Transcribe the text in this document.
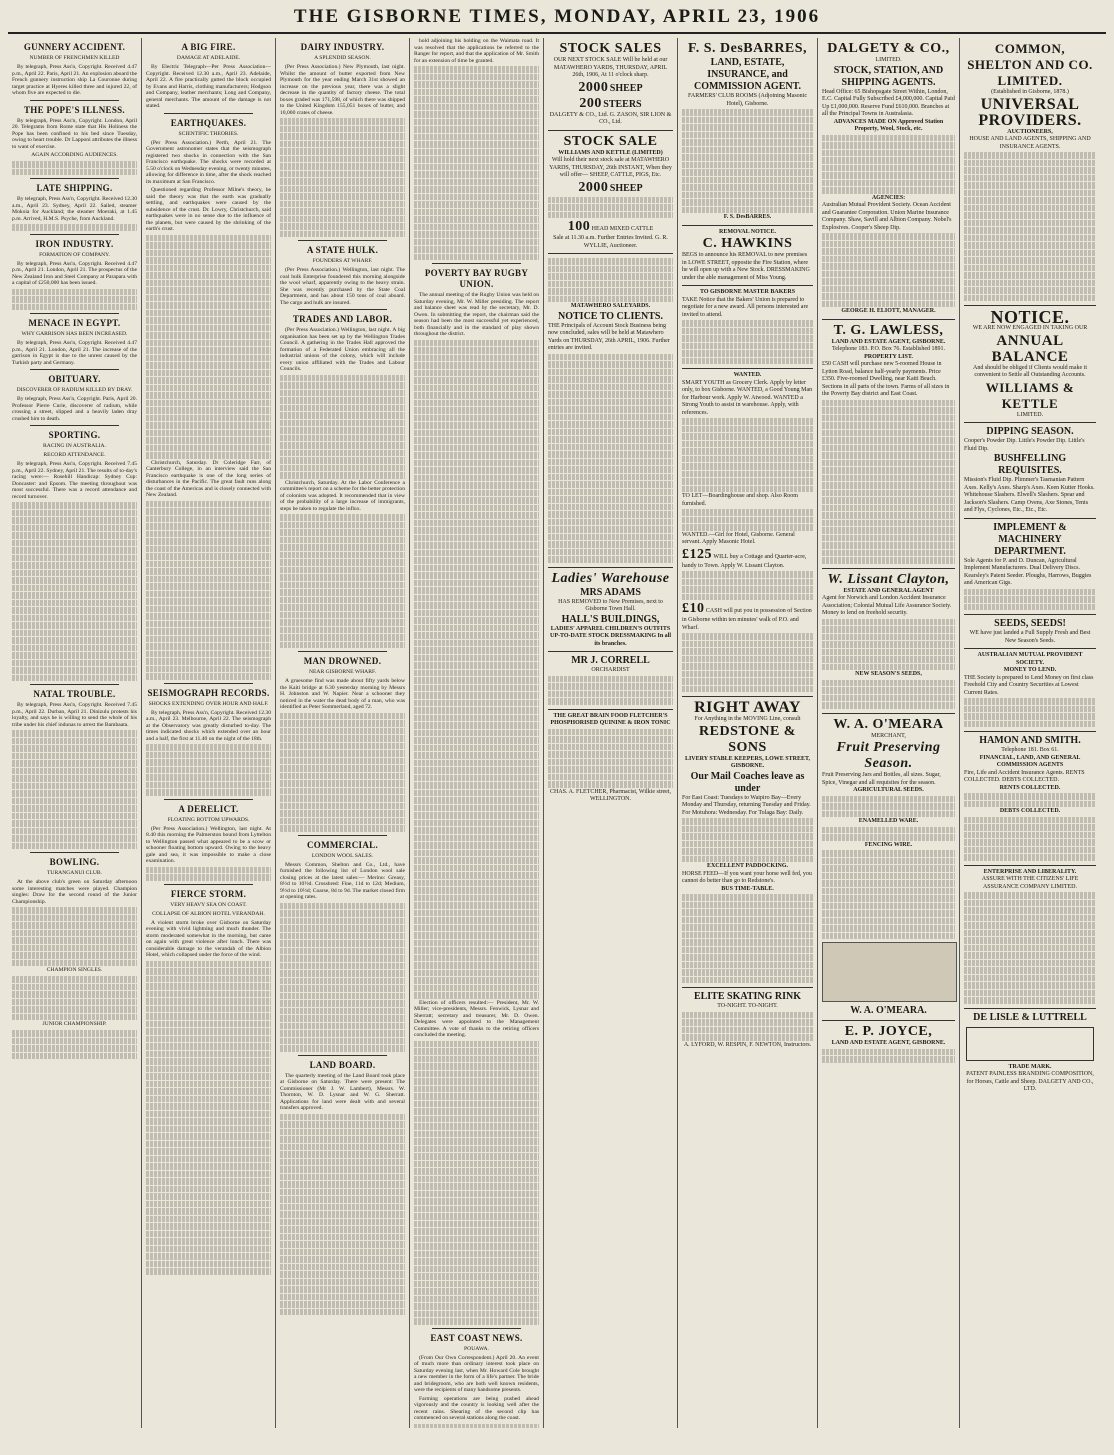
THE GISBORNE TIMES, MONDAY, APRIL 23, 1906
GUNNERY ACCIDENT.
NUMBER OF FRENCHMEN KILLED

By telegraph, Press Ass'n, Copyright. Received 4.47 p.m., April 22. Paris, April 21. An explosion aboard the French gunnery instruction ship La Couronne during target practice at Hyeres killed three and injured 22, of whom five are expected to die.

THE POPE'S ILLNESS.

By telegraph, Press Ass'n, Copyright. London, April 20. Telegrams from Rome state that His Holiness the Pope has been confined to his bed since Tuesday, owing to heart trouble. Dr Lapponi attributes the illness to want of exercise.

AGAIN ACCORDING AUDIENCES.
LATE SHIPPING.

By telegraph, Press Ass'n, Copyright. Received 12.30 a.m., April 23. Sydney, April 22. Sailed, steamer Mokoia for Auckland; the steamer Moeraki, at 1.45 p.m. Arrived, H.M.S. Psyche, from Auckland.

IRON INDUSTRY.
FORMATION OF COMPANY.

By telegraph, Press Ass'n, Copyright. Received 4.47 p.m., April 21. London, April 21. The prospectus of the New Zealand Iron and Steel Company at Parapara with a capital of £250,000 has been issued.

MENACE IN EGYPT.
WHY GARRISON HAS BEEN INCREASED.

By telegraph, Press Ass'n, Copyright. Received 4.47 p.m., April 21. London, April 21. The increase of the garrison in Egypt is due to the unrest caused by the Turkish party and Germany.

OBITUARY.
DISCOVERER OF RADIUM KILLED BY DRAY.

By telegraph, Press Ass'n, Copyright. Paris, April 20. Professor Pierre Curie, discoverer of radium, while crossing a street, slipped and a heavily laden dray crushed him to death.

SPORTING.
RACING IN AUSTRALIA.
RECORD ATTENDANCE.

By telegraph, Press Ass'n, Copyright. Received 7.45 p.m., April 22. Sydney, April 21. The results of to-day's racing were:— Rosehill Handicap: Sydney Cup: Doncaster: and Epsom. The meeting throughout was most successful. There was a record attendance and record turnover.

NATAL TROUBLE.

By telegraph, Press Ass'n, Copyright. Received 7.45 p.m., April 22. Durban, April 21. Dinizulu protests his loyalty, and says he is willing to send the whole of his tribe under his chief indunas to arrest the Bambaata.

BOWLING.
TURANGANUI CLUB.

At the above club's green on Saturday afternoon some interesting matches were played. Champion singles: Draw for the second round of the Junior Championship.

CHAMPION SINGLES.
JUNIOR CHAMPIONSHIP.
A BIG FIRE.
DAMAGE AT ADELAIDE.

By Electric Telegraph—Per Press Association—Copyright. Received 12.30 a.m., April 23. Adelaide, April 22. A fire practically gutted the block occupied by Evans and Harris, clothing manufacturers; Hodgson and Company, leather merchants; Long and Company, general merchants. The amount of the damage is not stated.

EARTHQUAKES.
SCIENTIFIC THEORIES.

(Per Press Association.) Perth, April 21. The Government astronomer states that the seismograph registered two shocks in connection with the San Francisco earthquake. The shocks were recorded at 5.50 o'clock on Wednesday evening, or twenty minutes, allowing for difference in time, after the shock reached its maximum at San Francisco.

Questioned regarding Professor Milne's theory, he said the theory was that the earth was gradually settling, and earthquakes were caused by the subsidence of the crust. Dr. Lowry, Christchurch, said earthquakes were in no sense due to the influence of the planets, but were caused by the shrinking of the earth's crust.

Christchurch, Saturday. Dr Coleridge Farr, of Canterbury College, in an interview said the San Francisco earthquake is one of the long series of disturbances in the Pacific. The great fault runs along the coast of the Americas and is closely connected with New Zealand.

SEISMOGRAPH RECORDS.
SHOCKS EXTENDING OVER HOUR AND HALF.

By telegraph, Press Ass'n, Copyright. Received 12.30 a.m., April 23. Melbourne, April 22. The seismograph at the Observatory was greatly disturbed to-day. The times indicated shocks which extended over an hour and a half, the first at 11.40 on the night of the 18th.

A DERELICT.
FLOATING BOTTOM UPWARDS.

(Per Press Association.) Wellington, last night. At 8.40 this morning the Palmerston bound from Lyttelton to Wellington passed what appeared to be a scow or schooner floating bottom upward. Owing to the heavy gale and sea, it was impossible to make a close examination.

FIERCE STORM.
VERY HEAVY SEA ON COAST.
COLLAPSE OF ALBION HOTEL VERANDAH.

A violent storm broke over Gisborne on Saturday evening with vivid lightning and much thunder. The storm moderated somewhat in the morning, but came on again with great violence after lunch. There was considerable damage to the verandah of the Albion Hotel, which collapsed under the force of the wind.

DAIRY INDUSTRY.
A SPLENDID SEASON.

(Per Press Association.) New Plymouth, last night. Whilst the amount of butter exported from New Plymouth for the year ending March 31st showed an increase on the previous year, there was a slight decrease in the quantity of factory cheese. The total boxes graded was 171,598, of which there was shipped to the United Kingdom 155,051 boxes of butter, and 10,000 crates of cheese.

A STATE HULK.
FOUNDERS AT WHARF.

(Per Press Association.) Wellington, last night. The coal hulk Enterprise foundered this morning alongside the wool wharf, apparently owing to the heavy strain. She was recently purchased by the State Coal Department, and has about 150 tons of coal aboard. The cargo and hulk are insured.

TRADES AND LABOR.

(Per Press Association.) Wellington, last night. A big organisation has been set up by the Wellington Trades Council. A gathering in the Trades Hall approved the formation of a Federated Union embracing all the industrial unions of the colony, which will include every union affiliated with the Trades and Labour Councils.

Christchurch, Saturday. At the Labor Conference a committee's report on a scheme for the better protection of colonists was adopted. It recommended that in view of the probability of a large increase of immigrants, steps be taken to regulate the influx.

MAN DROWNED.
NEAR GISBORNE WHARF.

A gruesome find was made about fifty yards below the Kaiti bridge at 6.30 yesterday morning by Messrs H. Johnston and W. Napier. Near a schooner they noticed in the water the dead body of a man, who was identified as Peter Sommerland, aged 72.

COMMERCIAL.
LONDON WOOL SALES.

Messrs Common, Shelton and Co., Ltd., have furnished the following list of London wool sale closing prices at the latest sales:— Merino: Greasy, 8½d to 10½d. Crossbred: Fine, 11d to 12d; Medium, 9½d to 10½d; Coarse, 8d to 9d. The market closed firm at opening rates.

LAND BOARD.

The quarterly meeting of the Land Board took place at Gisborne on Saturday. There were present: The Commissioner (Mr J. W. Lambert), Messrs. W. Thornton, W. D. Lysnar and W. G. Sherratt. Applications for land were dealt with and several transfers approved.

hold adjoining his holding on the Waimata road. It was resolved that the applications be referred to the Ranger for report, and that the application of Mr. Smith for an extension of time be granted.

POVERTY BAY RUGBY UNION.

The annual meeting of the Rugby Union was held on Saturday evening, Mr. W. Miller presiding. The report and balance sheet was read by the secretary, Mr. D. Owen. In submitting the report, the chairman said the season had been the most successful yet experienced, both financially and in the standard of play shown throughout the district.

Election of officers resulted:— President, Mr. W. Miller; vice-presidents, Messrs. Fenwick, Lysnar and Sherratt; secretary and treasurer, Mr. D. Owen. Delegates were appointed to the Management Committee. A vote of thanks to the retiring officers concluded the meeting.

EAST COAST NEWS.
POUAWA.

(From Our Own Correspondent.) April 20. An event of much more than ordinary interest took place on Saturday evening last, when Mr. Howard Cole brought a new member in the form of a life's partner. The bride and bridegroom, who are both well known residents, were the recipients of many handsome presents.

Farming operations are being pushed ahead vigorously and the country is looking well after the recent rains. Shearing of the second clip has commenced on several stations along the coast.

STOCK SALES
OUR NEXT STOCK SALE Will be held at our MATAWHERO YARDS, THURSDAY, APRIL 26th, 1906, At 11 o'clock sharp.
2000 SHEEP
200 STEERS
DALGETY & CO., Ltd. G. ZASON, SIR LION & CO., Ltd.
STOCK SALE
WILLIAMS AND KETTLE (LIMITED)
Will hold their next stock sale at MATAWHERO YARDS, THURSDAY, 26th INSTANT, When they will offer— SHEEP, CATTLE, PIGS, Etc.
2000 SHEEP
100 HEAD MIXED CATTLE
Sale at 11.30 a.m. Further Entries Invited. G. R. WYLLIE, Auctioneer.
MATAWHERO SALEYARDS.
NOTICE TO CLIENTS.
THE Principals of Account Stock Business being now concluded, sales will be held at Matawhero Yards on THURSDAY, 26th APRIL, 1906. Further entries are invited.
Ladies' Warehouse
MRS ADAMS
HAS REMOVED to New Premises, next to Gisborne Town Hall.
HALL'S BUILDINGS,
LADIES' APPAREL CHILDREN'S OUTFITS UP-TO-DATE STOCK DRESSMAKING In all its branches.
MR J. CORRELL
ORCHARDIST
THE GREAT BRAIN FOOD FLETCHER'S PHOSPHORISED QUININE & IRON TONIC
CHAS. A. FLETCHER, Pharmacist, Wilkie street, WELLINGTON.
F. S. DesBARRES,
LAND, ESTATE, INSURANCE, and COMMISSION AGENT.
FARMERS' CLUB ROOMS (Adjoining Masonic Hotel), Gisborne.
F. S. DesBARRES.
REMOVAL NOTICE.
C. HAWKINS
BEGS to announce his REMOVAL to new premises in LOWE STREET, opposite the Fire Station, where he will open up with a New Stock. DRESSMAKING under the able management of Miss Young.
TO GISBORNE MASTER BAKERS
TAKE Notice that the Bakers' Union is prepared to negotiate for a new award. All persons interested are invited to attend.
WANTED.
SMART YOUTH as Grocery Clerk. Apply by letter only, to box Gisborne. WANTED, a Good Young Man for Harbour work. Apply W. Atwood. WANTED a Strong Youth to assist in warehouse. Apply, with references.
TO LET—Boardinghouse and shop. Also Room furnished.
WANTED.—Girl for Hotel, Gisborne. General servant. Apply Masonic Hotel.
£125 WILL buy a Cottage and Quarter-acre, handy to Town. Apply W. Lissant Clayton.
£10 CASH will put you in possession of Section in Gisborne within ten minutes' walk of P.O. and Wharf.
RIGHT AWAY
For Anything in the MOVING Line, consult
REDSTONE & SONS
LIVERY STABLE KEEPERS, LOWE STREET, GISBORNE.
Our Mail Coaches leave as under
For East Coast: Tuesdays to Waipiro Bay—Every Monday and Thursday, returning Tuesday and Friday. For Motuhora: Wednesday. For Tolaga Bay: Daily.
EXCELLENT PADDOCKING.
HORSE FEED—If you want your horse well fed, you cannot do better than go to Redstone's.
BUS TIME-TABLE.
ELITE SKATING RINK
TO-NIGHT. TO-NIGHT.
A. LYFORD, W. RESPIN, F. NEWTON, Instructors.
DALGETY & CO.,
LIMITED.
STOCK, STATION, AND SHIPPING AGENTS.
Head Office: 65 Bishopsgate Street Within, London, E.C. Capital Fully Subscribed £4,000,000. Capital Paid Up £1,000,000. Reserve Fund £610,000. Branches at all the Principal Towns in Australasia.
ADVANCES MADE ON Approved Station Property, Wool, Stock, etc.
AGENCIES:
Australian Mutual Provident Society. Ocean Accident and Guarantee Corporation. Union Marine Insurance Company. Shaw, Savill and Albion Company. Nobel's Explosives. Cooper's Sheep Dip.
GEORGE H. ELIOTT, MANAGER.
T. G. LAWLESS,
LAND AND ESTATE AGENT, GISBORNE.
Telephone 183. P.O. Box 76. Established 1891.
PROPERTY LIST.
£50 CASH will purchase new 5-roomed House in Lytton Road, balance half-yearly payments. Price £350. Five-roomed Dwelling, near Kaiti Beach. Sections in all parts of the town. Farms of all sizes in the Poverty Bay district and East Coast.
W. Lissant Clayton,
ESTATE AND GENERAL AGENT
Agent for Norwich and London Accident Insurance Association; Colonial Mutual Life Assurance Society. Money to lend on freehold security.
NEW SEASON'S SEEDS,
W. A. O'MEARA
MERCHANT,
Fruit Preserving Season.
Fruit Preserving Jars and Bottles, all sizes. Sugar, Spice, Vinegar and all requisites for the season.
AGRICULTURAL SEEDS.
ENAMELLED WARE.
FENCING WIRE.
W. A. O'MEARA.
E. P. JOYCE,
LAND AND ESTATE AGENT, GISBORNE.
COMMON, SHELTON AND CO. LIMITED.
(Established in Gisborne, 1878.)
UNIVERSAL PROVIDERS.
AUCTIONEERS,
HOUSE AND LAND AGENTS, SHIPPING AND INSURANCE AGENTS.
NOTICE.
WE ARE NOW ENGAGED IN TAKING OUR
ANNUAL BALANCE
And should be obliged if Clients would make it convenient to Settle all Outstanding Accounts.
WILLIAMS & KETTLE
LIMITED.
DIPPING SEASON.
Cooper's Powder Dip. Little's Powder Dip. Little's Fluid Dip.
BUSHFELLING REQUISITES.
Mission's Fluid Dip. Plimmer's Tasmanian Pattern Axes. Kelly's Axes. Sharp's Axes. Keen Kutter Hooks. Whitehouse Slashers. Elwell's Slashers. Spear and Jackson's Slashers. Camp Ovens, Axe Stones, Tents and Flys, Cyclones, Etc., Etc., Etc.
IMPLEMENT & MACHINERY DEPARTMENT.
Sole Agents for P. and D. Duncan, Agricultural Implement Manufacturers. Dual Delivery Discs. Kearsley's Patent Seeder. Ploughs, Harrows, Buggies and American Gigs.
SEEDS, SEEDS!
WE have just landed a Full Supply Fresh and Best New Season's Seeds.
AUSTRALIAN MUTUAL PROVIDENT SOCIETY.
MONEY TO LEND.
THE Society is prepared to Lend Money on first class Freehold City and Country Securities at Lowest Current Rates.
HAMON AND SMITH.
Telephone 181. Box 61.
FINANCIAL, LAND, AND GENERAL COMMISSION AGENTS
Fire, Life and Accident Insurance Agents. RENTS COLLECTED. DEBTS COLLECTED.
RENTS COLLECTED.
DEBTS COLLECTED.
ENTERPRISE AND LIBERALITY.
ASSURE WITH THE CITIZENS' LIFE ASSURANCE COMPANY LIMITED.
DE LISLE & LUTTRELL
TRADE MARK.
PATENT PAINLESS BRANDING COMPOSITION, for Horses, Cattle and Sheep. DALGETY AND CO., LTD.
